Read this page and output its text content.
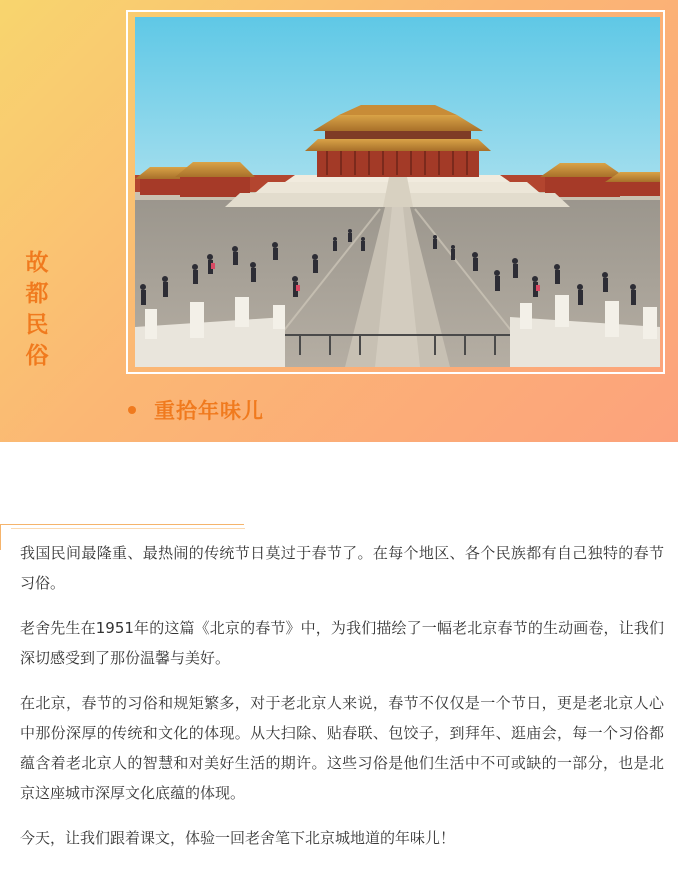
故
都
民
俗
重拾年味儿

我国民间最隆重、最热闹的传统节日莫过于春节了。在每个地区、各个民族都有自己独特的春节习俗。

老舍先生在1951年的这篇《北京的春节》中，为我们描绘了一幅老北京春节的生动画卷，让我们深切感受到了那份温馨与美好。

在北京，春节的习俗和规矩繁多，对于老北京人来说，春节不仅仅是一个节日，更是老北京人心中那份深厚的传统和文化的体现。从大扫除、贴春联、包饺子，到拜年、逛庙会，每一个习俗都蕴含着老北京人的智慧和对美好生活的期许。这些习俗是他们生活中不可或缺的一部分，也是北京这座城市深厚文化底蕴的体现。

今天，让我们跟着课文，体验一回老舍笔下北京城地道的年味儿！
